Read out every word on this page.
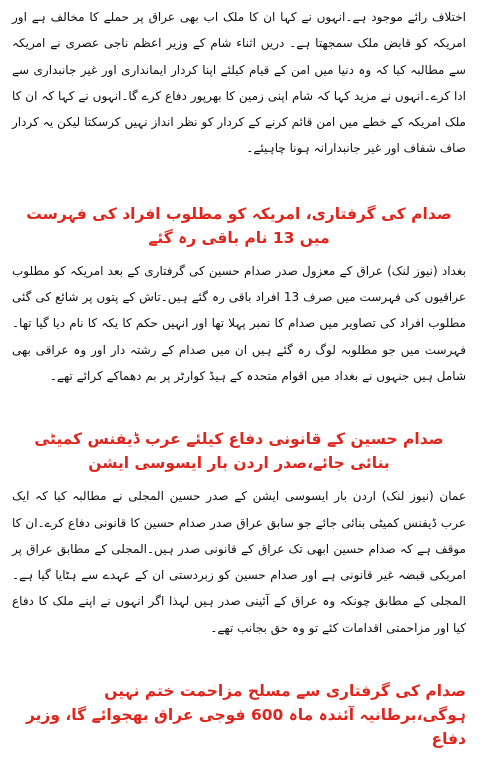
اختلاف رائے موجود ہے۔انہوں نے کہا ان کا ملک اب بھی عراق پر حملے کا مخالف ہے اور امریکہ کو قابض ملک سمجھتا ہے۔ دریں اثناء شام کے وزیر اعظم ناجی عصری نے امریکہ سے مطالبہ کیا کہ وہ دنیا میں امن کے قیام کیلئے اپنا کردار ایمانداری اور غیر جانبداری سے ادا کرے۔انہوں نے مزید کہا کہ شام اپنی زمین کا بھرپور دفاع کرے گا۔انہوں نے کہا کہ ان کا ملک امریکہ کے خطے میں امن قائم کرنے کے کردار کو نظر انداز نہیں کرسکتا لیکن یہ کردار صاف شفاف اور غیر جانبدارانہ ہونا چاہیئے۔

صدام کی گرفتاری، امریکہ کو مطلوب افراد کی فہرست میں 13 نام باقی رہ گئے

بغداد (نیوز لنک) عراق کے معزول صدر صدام حسین کی گرفتاری کے بعد امریکہ کو مطلوب عراقیوں کی فہرست میں صرف 13 افراد باقی رہ گئے ہیں۔تاش کے پتوں پر شائع کی گئی مطلوب افراد کی تصاویر میں صدام کا نمبر پہلا تھا اور انہیں حکم کا یکہ کا نام دیا گیا تھا۔فہرست میں جو مطلوبہ لوگ رہ گئے ہیں ان میں صدام کے رشتہ دار اور وہ عراقی بھی شامل ہیں جنہوں نے بغداد میں اقوام متحدہ کے ہیڈ کوارٹر پر بم دھماکے کرائے تھے۔

صدام حسین کے قانونی دفاع کیلئے عرب ڈیفنس کمیٹی بنائی جائے،صدر اردن بار ایسوسی ایشن

عمان (نیوز لنک) اردن بار ایسوسی ایشن کے صدر حسین المجلی نے مطالبہ کیا کہ ایک عرب ڈیفنس کمیٹی بنائی جائے جو سابق عراق صدر صدام حسین کا قانونی دفاع کرے۔ان کا موقف ہے کہ صدام حسین ابھی تک عراق کے قانونی صدر ہیں۔المجلی کے مطابق عراق پر امریکی قبضہ غیر قانونی ہے اور صدام حسین کو زبردستی ان کے عہدے سے ہٹایا گیا ہے۔المجلی کے مطابق چونکہ وہ عراق کے آئینی صدر ہیں لہذا اگر انہوں نے اپنے ملک کا دفاع کیا اور مزاحمتی اقدامات کئے تو وہ حق بجانب تھے۔

صدام کی گرفتاری سے مسلح مزاحمت ختم نہیں ہوگی،برطانیہ آئندہ ماہ 600 فوجی عراق بھجوائے گا، وزیر دفاع
